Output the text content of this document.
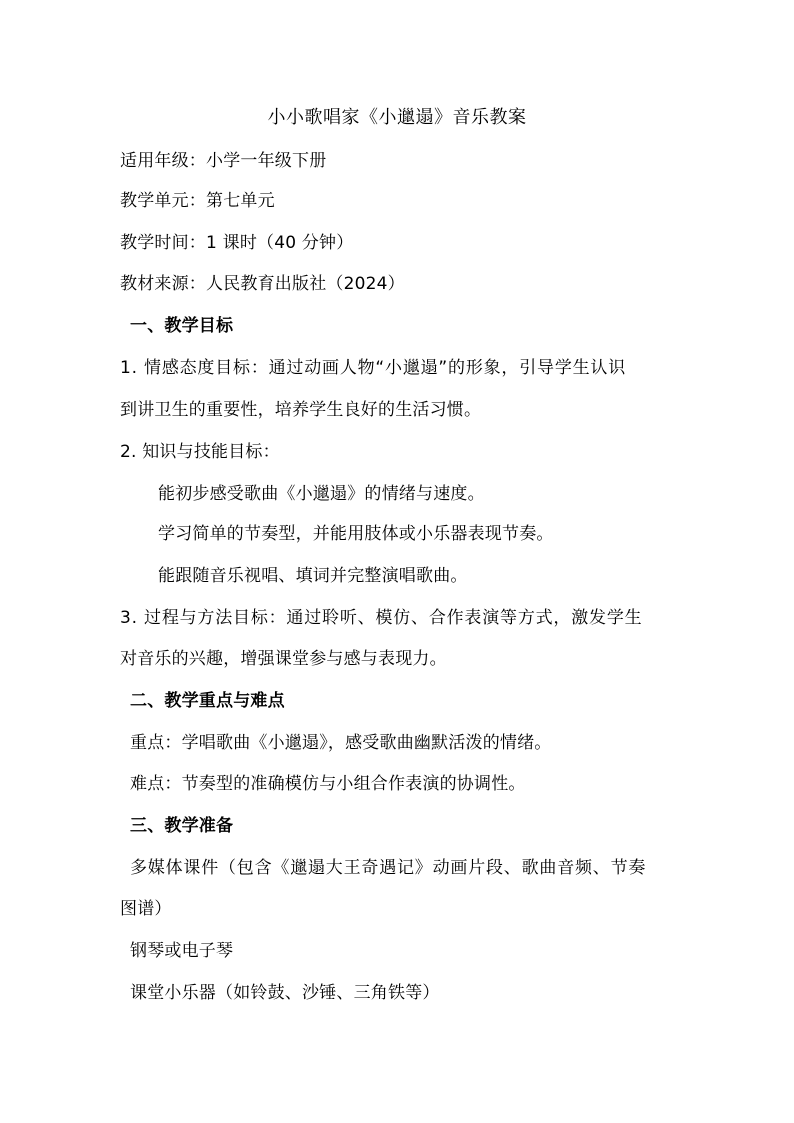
小小歌唱家《小邋遢》音乐教案
适用年级：小学一年级下册
教学单元：第七单元
教学时间：1 课时（40 分钟）
教材来源：人民教育出版社（2024）
一、教学目标
1. 情感态度目标：通过动画人物“小邋遢”的形象，引导学生认识
到讲卫生的重要性，培养学生良好的生活习惯。
2. 知识与技能目标：
能初步感受歌曲《小邋遢》的情绪与速度。
学习简单的节奏型，并能用肢体或小乐器表现节奏。
能跟随音乐视唱、填词并完整演唱歌曲。
3. 过程与方法目标：通过聆听、模仿、合作表演等方式，激发学生
对音乐的兴趣，增强课堂参与感与表现力。
二、教学重点与难点
重点：学唱歌曲《小邋遢》，感受歌曲幽默活泼的情绪。
难点：节奏型的准确模仿与小组合作表演的协调性。
三、教学准备
多媒体课件（包含《邋遢大王奇遇记》动画片段、歌曲音频、节奏
图谱）
钢琴或电子琴
课堂小乐器（如铃鼓、沙锤、三角铁等）
